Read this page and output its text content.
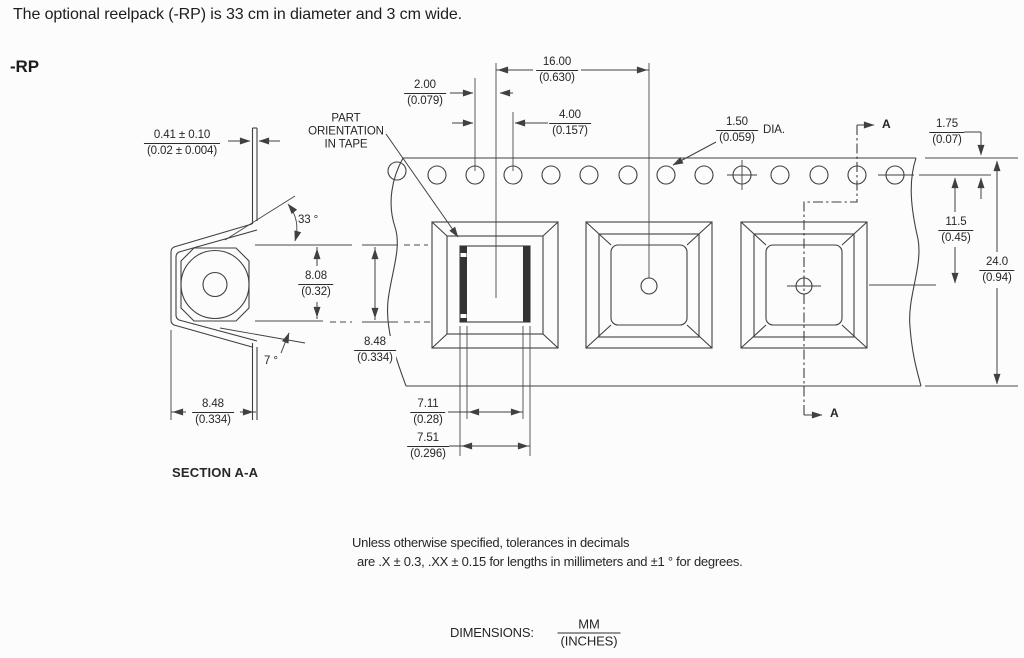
The optional reelpack (-RP) is 33 cm in diameter and 3 cm wide.
-RP
$\frac{2.00}{(0.079)}$
$\frac{16.00}{(0.630)}$
$\frac{4.00}{(0.157)}$	$\frac{1.50}{(0.059)}$ DIA.	$\frac{1.75}{(0.07)}$
$\frac{11.5}{(0.45)}$
$\frac{24.0}{(0.94)}$
$\frac{8.48}{(0.334)}$
$\frac{7.11}{(0.28)}$
$\frac{7.51}{(0.296)}$
PART
ORIENTATION
IN TAPE
A
A
$\frac{0.41 \pm 0.10}{(0.02 \pm 0.004)}$
33 °
$\frac{8.08}{(0.32)}$
7 °
$\frac{8.48}{(0.334)}$
SECTION A-A
Unless otherwise specified, tolerances in decimals
are .X ± 0.3, .XX ± 0.15 for lengths in millimeters and ±1 ° for degrees.
DIMENSIONS:
MM
(INCHES)
